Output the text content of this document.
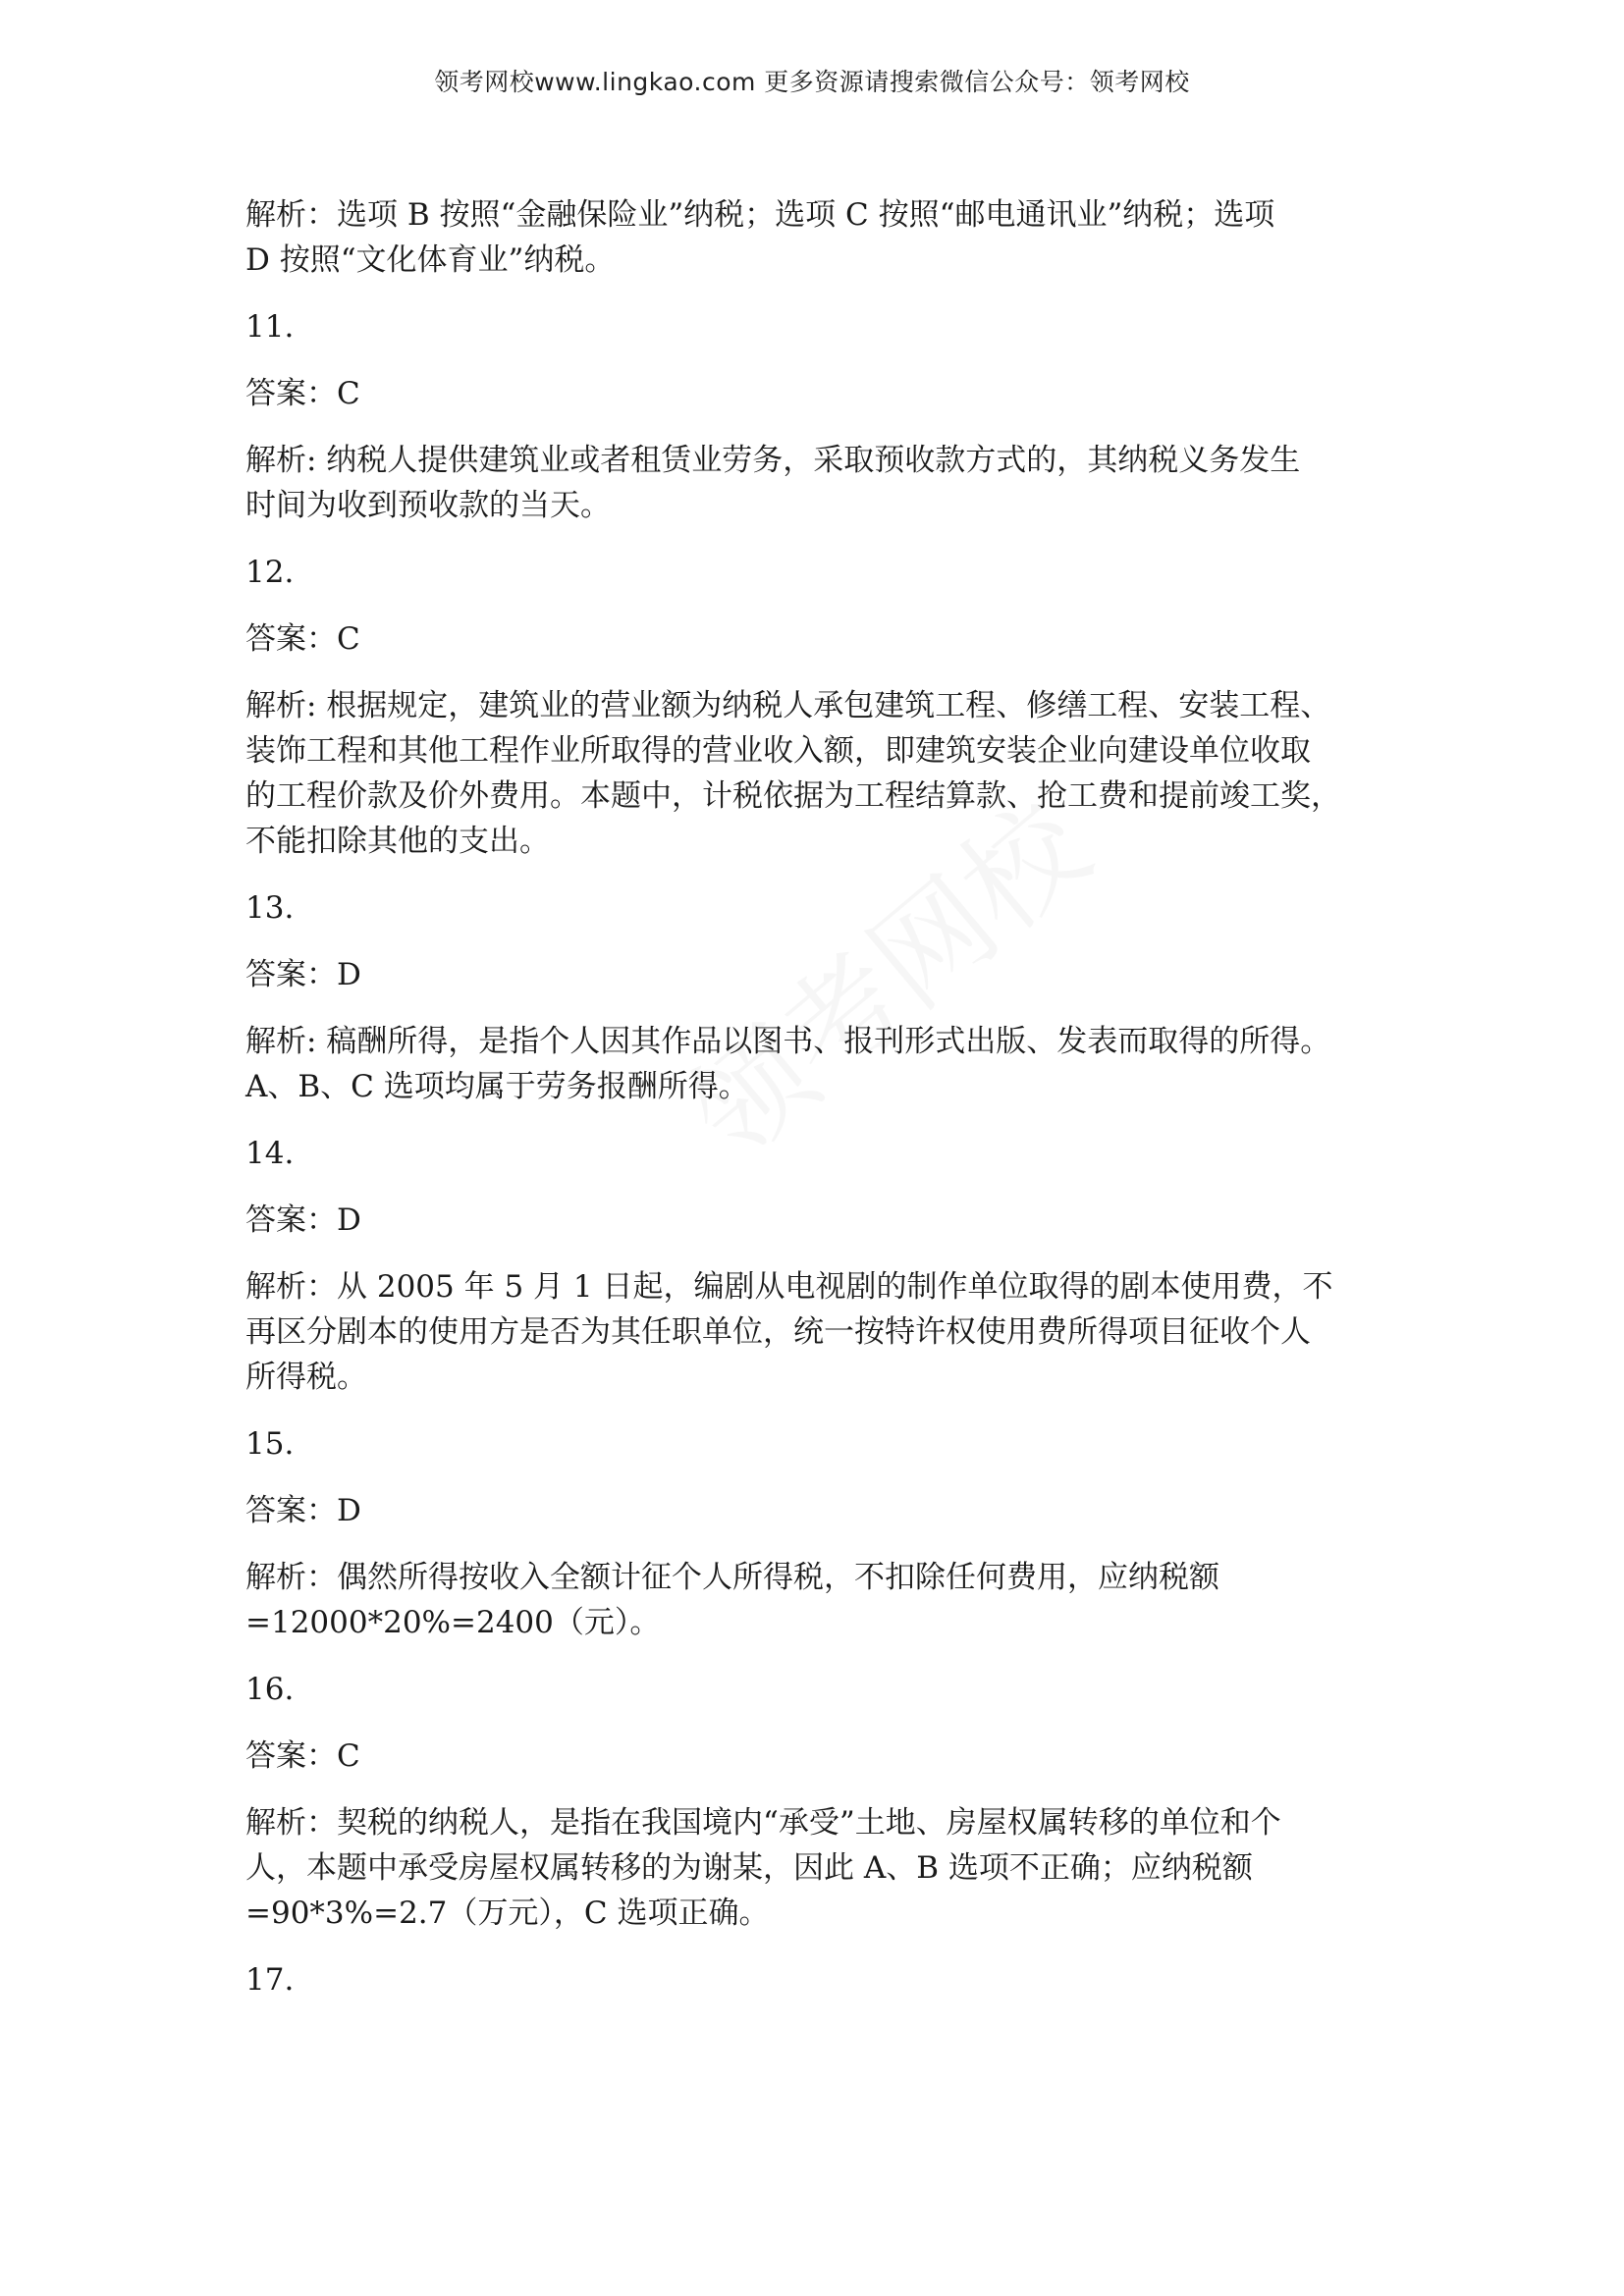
领考网校www.lingkao.com 更多资源请搜索微信公众号：领考网校
解析：选项 B 按照“金融保险业”纳税；选项 C 按照“邮电通讯业”纳税；选项
D 按照“文化体育业”纳税。
11.
答案：C
解析: 纳税人提供建筑业或者租赁业劳务，采取预收款方式的，其纳税义务发生
时间为收到预收款的当天。
12.
答案：C
解析: 根据规定，建筑业的营业额为纳税人承包建筑工程、修缮工程、安装工程、
装饰工程和其他工程作业所取得的营业收入额，即建筑安装企业向建设单位收取
的工程价款及价外费用。本题中，计税依据为工程结算款、抢工费和提前竣工奖，
不能扣除其他的支出。
13.
答案：D
解析: 稿酬所得，是指个人因其作品以图书、报刊形式出版、发表而取得的所得。
A、B、C 选项均属于劳务报酬所得。
14.
答案：D
解析：从 2005 年 5 月 1 日起，编剧从电视剧的制作单位取得的剧本使用费，不
再区分剧本的使用方是否为其任职单位，统一按特许权使用费所得项目征收个人
所得税。
15.
答案：D
解析：偶然所得按收入全额计征个人所得税，不扣除任何费用，应纳税额
=12000*20%=2400（元）。
16.
答案：C
解析：契税的纳税人，是指在我国境内“承受”土地、房屋权属转移的单位和个
人，本题中承受房屋权属转移的为谢某，因此 A、B 选项不正确；应纳税额
=90*3%=2.7（万元），C 选项正确。
17.
